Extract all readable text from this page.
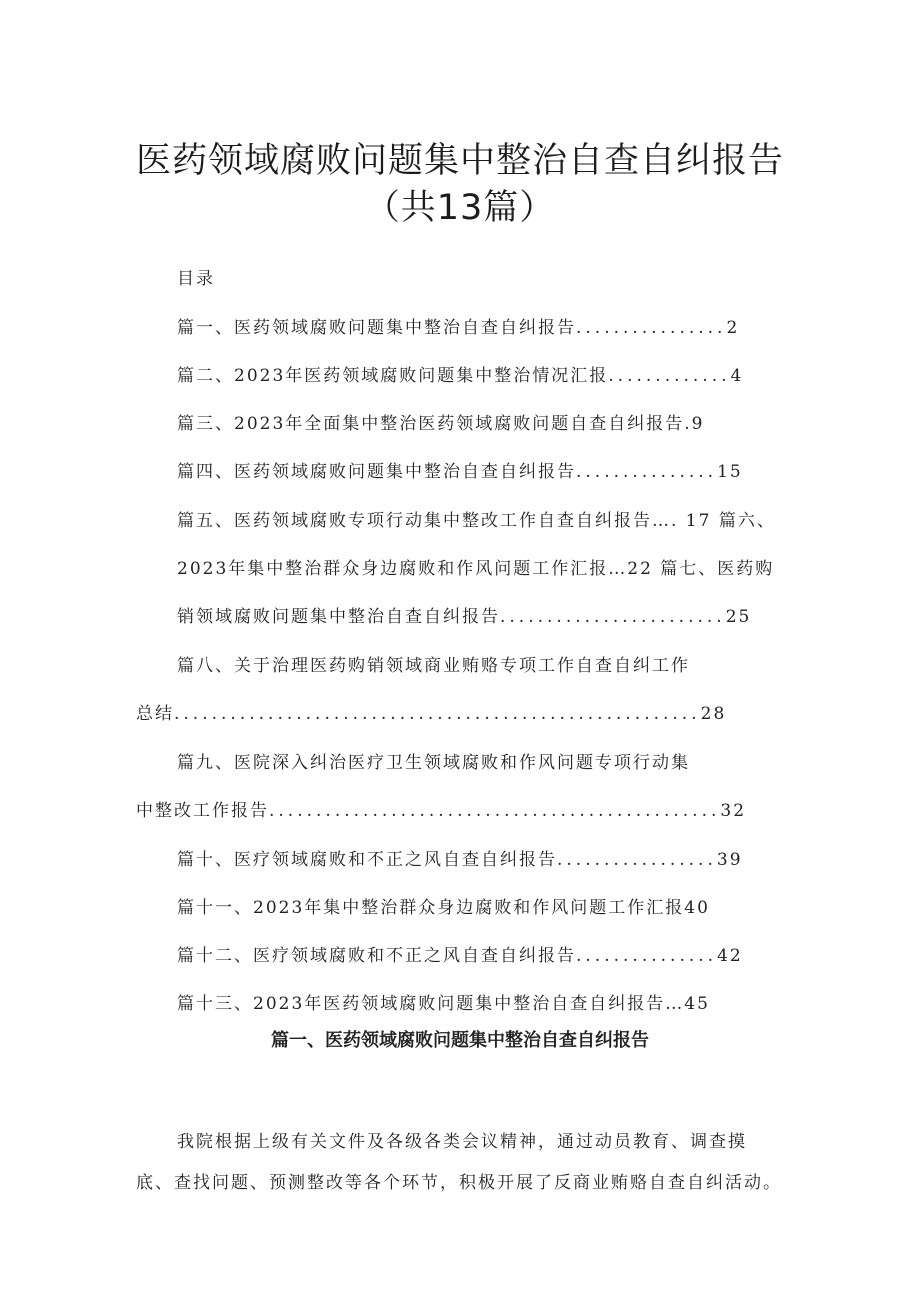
医药领域腐败问题集中整治自查自纠报告
（共13篇）
目录
篇一、医药领域腐败问题集中整治自查自纠报告................2
篇二、2023年医药领域腐败问题集中整治情况汇报.............4
篇三、2023年全面集中整治医药领域腐败问题自查自纠报告.9
篇四、医药领域腐败问题集中整治自查自纠报告...............15
篇五、医药领域腐败专项行动集中整改工作自查自纠报告…. 17 篇六、
2023年集中整治群众身边腐败和作风问题工作汇报…22 篇七、医药购
销领域腐败问题集中整治自查自纠报告........................25
篇八、关于治理医药购销领域商业贿赂专项工作自查自纠工作
总结........................................................28
篇九、医院深入纠治医疗卫生领域腐败和作风问题专项行动集
中整改工作报告................................................32
篇十、医疗领域腐败和不正之风自查自纠报告.................39
篇十一、2023年集中整治群众身边腐败和作风问题工作汇报40
篇十二、医疗领域腐败和不正之风自查自纠报告...............42
篇十三、2023年医药领域腐败问题集中整治自查自纠报告…45
篇一、医药领域腐败问题集中整治自查自纠报告
我院根据上级有关文件及各级各类会议精神，通过动员教育、调查摸
底、查找问题、预测整改等各个环节，积极开展了反商业贿赂自查自纠活动。
